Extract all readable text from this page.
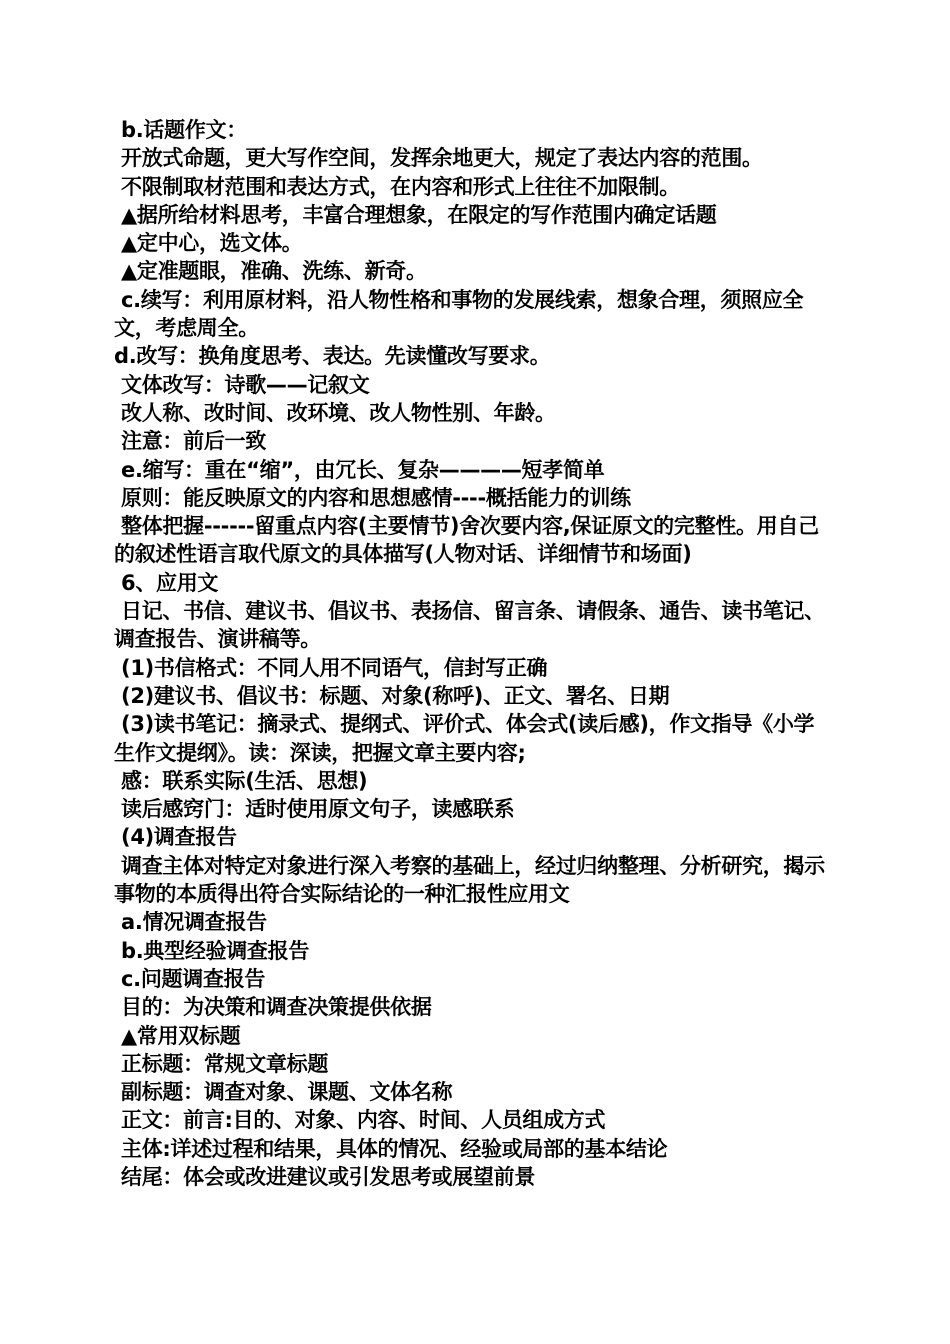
b.话题作文：
开放式命题，更大写作空间，发挥余地更大，规定了表达内容的范围。
不限制取材范围和表达方式，在内容和形式上往往不加限制。
▲据所给材料思考，丰富合理想象，在限定的写作范围内确定话题
▲定中心，选文体。
▲定准题眼，准确、洗练、新奇。
c.续写：利用原材料，沿人物性格和事物的发展线索，想象合理，须照应全文，考虑周全。
d.改写：换角度思考、表达。先读懂改写要求。
文体改写：诗歌——记叙文
改人称、改时间、改环境、改人物性别、年龄。
注意：前后一致
e.缩写：重在“缩”，由冗长、复杂————短孝简单
原则：能反映原文的内容和思想感情----概括能力的训练
整体把握------留重点内容(主要情节)舍次要内容,保证原文的完整性。用自己的叙述性语言取代原文的具体描写(人物对话、详细情节和场面)
6、应用文
日记、书信、建议书、倡议书、表扬信、留言条、请假条、通告、读书笔记、调查报告、演讲稿等。
(1)书信格式：不同人用不同语气，信封写正确
(2)建议书、倡议书：标题、对象(称呼)、正文、署名、日期
(3)读书笔记：摘录式、提纲式、评价式、体会式(读后感)，作文指导《小学生作文提纲》。读：深读，把握文章主要内容;
感：联系实际(生活、思想)
读后感窍门：适时使用原文句子，读感联系
(4)调查报告
调查主体对特定对象进行深入考察的基础上，经过归纳整理、分析研究，揭示事物的本质得出符合实际结论的一种汇报性应用文
a.情况调查报告
b.典型经验调查报告
c.问题调查报告
目的：为决策和调查决策提供依据
▲常用双标题
正标题：常规文章标题
副标题：调查对象、课题、文体名称
正文：前言:目的、对象、内容、时间、人员组成方式
主体:详述过程和结果，具体的情况、经验或局部的基本结论
结尾：体会或改进建议或引发思考或展望前景
